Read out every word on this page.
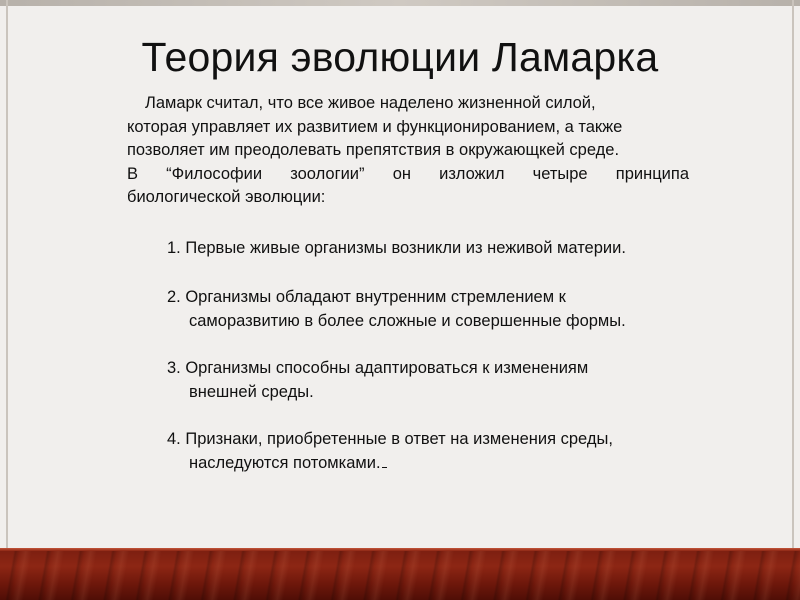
Теория эволюции Ламарка
Ламарк считал, что все живое наделено жизненной силой,
которая управляет их развитием и функционированием, а также
позволяет им преодолевать препятствия в окружающкей среде.
В “Философии зоологии” он изложил четыре принципа
биологической эволюции:
1. Первые живые организмы возникли из неживой материи.
2. Организмы обладают внутренним стремлением к
саморазвитию в более сложные и совершенные формы.
3. Организмы способны адаптироваться к изменениям
внешней среды.
4. Признаки, приобретенные в ответ на изменения среды,
наследуются потомками.
